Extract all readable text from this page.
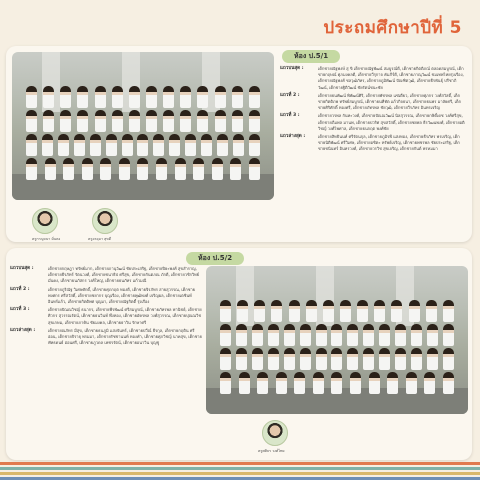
ประถมศึกษาปีที่ 5
ห้อง ป.5/1
แถวบนสุด :	เด็กชายณัฐพงษ์ สุ ขิ เด็กชายณัฐพัฒน์ สมบูรณ์ดี, เด็กชายกิตติภณ์ ตลอดสมบูรณ์, เด็กชายกฤษณ์ ศุภมงคลดี, เด็กชายวีรุกาจ คัมภีร์ดี, เด็กชายภาณุวัฒน์ ชมเทพไทยรุ่งเรือง, เด็กชายณัฐพงศ์ ชลวุฒิภัทร, เด็กชายภูมิพัฒน์ ปัณฑิตวุฒิ, เด็กชายธีรพันธุ์ ปรีชาภิวัฒน์, เด็กชายฐิติวัฒน์ ชัยรัตน์ชนะชัย
แถวที่ 2 :	เด็กชายธนพัฒน์ พิพัฒน์ศิริ, เด็กชายพัชรพล แซ่เตียว, เด็กชายศุภกร วงศ์สวัสดิ์, เด็กชายกิตติภพ ทรัพย์สมบูรณ์, เด็กชายนทีทัต แก้วกิจธนา, เด็กชายธนพร มาลัยศรี, เด็กชายศิริศักดิ์ ทองศรี, เด็กชายภัทรพล ชัยวุฒิ, เด็กชายวีรภัทร อินทรเจริญ
แถวที่ 3 :	เด็กชายวรพล กันทะวงศ์, เด็กชายปัณณวัฒน์ นิลสุวรรณ, เด็กชายกษิดิ์เดช วงศ์ศรีสุข, เด็กชายภีมพล มานพ, เด็กชายปวริศ สุขสวัสดิ์, เด็กชายชยพล ธีรวัฒนพงศ์, เด็กชายอติวิชญ์ วงศ์ไพศาล, เด็กชายธนกฤต พงศ์ชัย
แถวล่างสุด :	เด็กชายสิทธินนท์ ศรีรัตนกุล, เด็กชายภูมิรพี แสงทอง, เด็กชายธีรภัทร พรเจริญ, เด็กชายนิติพัฒน์ ศรีวิเศษ, เด็กชายอชิตะ ทรัพย์เจริญ, เด็กชายพชรพล ชัยประเสริฐ, เด็กชายชนินทร์ อินทรวงศ์, เด็กชายวรวิช สุขเจริญ, เด็กชายกันต์ พรหมมา
ครูกาญจนา มั่นคง	ครูอรอุมา สุขดี
ห้อง ป.5/2
แถวบนสุด :	เด็กชายกฤษฎา ทรัพย์มาก, เด็กชายภานุวัฒน์ ชัยประเสริฐ, เด็กชายปิยะพงศ์ สุขสำราญ, เด็กชายธีรภัทร์ รัตนวงศ์, เด็กชายชนาธิป ศรีสุข, เด็กชายกันตภณ ภักดี, เด็กชายวชิรวิทย์ มั่นคง, เด็กชายนภัสกร วงศ์ใหญ่, เด็กชายธนภัทร แก้วมณี
แถวที่ 2 :	เด็กชายภูริณัฐ วิเศษศักดิ์, เด็กชายศุภกฤต ทองดี, เด็กชายจิรภัทร สายสุวรรณ, เด็กชายพงศกร ศรีสวัสดิ์, เด็กชายชยากร บุญเรือง, เด็กชายพุฒิพงศ์ เจริญผล, เด็กชายเตชินท์ อินทร์แก้ว, เด็กชายกิตติพศ บุญมา, เด็กชายณัฐกิตติ์ รุ่งเรือง
แถวที่ 3 :	เด็กชายปัณณวิชญ์ ธนากร, เด็กชายพีรพัฒน์ ศรีสมบูรณ์, เด็กชายภัทรพล พานิชย์, เด็กชายศิวกร สุวรรณรัตน์, เด็กชายธนวินท์ พึ่งทอง, เด็กชายอัครพล วงศ์สุวรรณ, เด็กชายปุณณวิช สุขเกษม, เด็กชายภาคิน ชัยมงคล, เด็กชายธาวิน รักษาศรี
แถวล่างสุด :	เด็กชายณภัทร มีสุข, เด็กชายธนภูมิ แสงจันทร์, เด็กชายปวีณ์ ธีรกุล, เด็กชายกฤติน ศรีอ่อน, เด็กชายจิรายุ พรมมา, เด็กชายรัชชานนท์ ทองคำ, เด็กชายศุภวิชญ์ นาคสุข, เด็กชายพัทธดนย์ อ่อนศรี, เด็กชายภูวดล เพชรรัตน์, เด็กชายอนาวิน บุญชู
ครูศศิธร วงศ์ไทย
